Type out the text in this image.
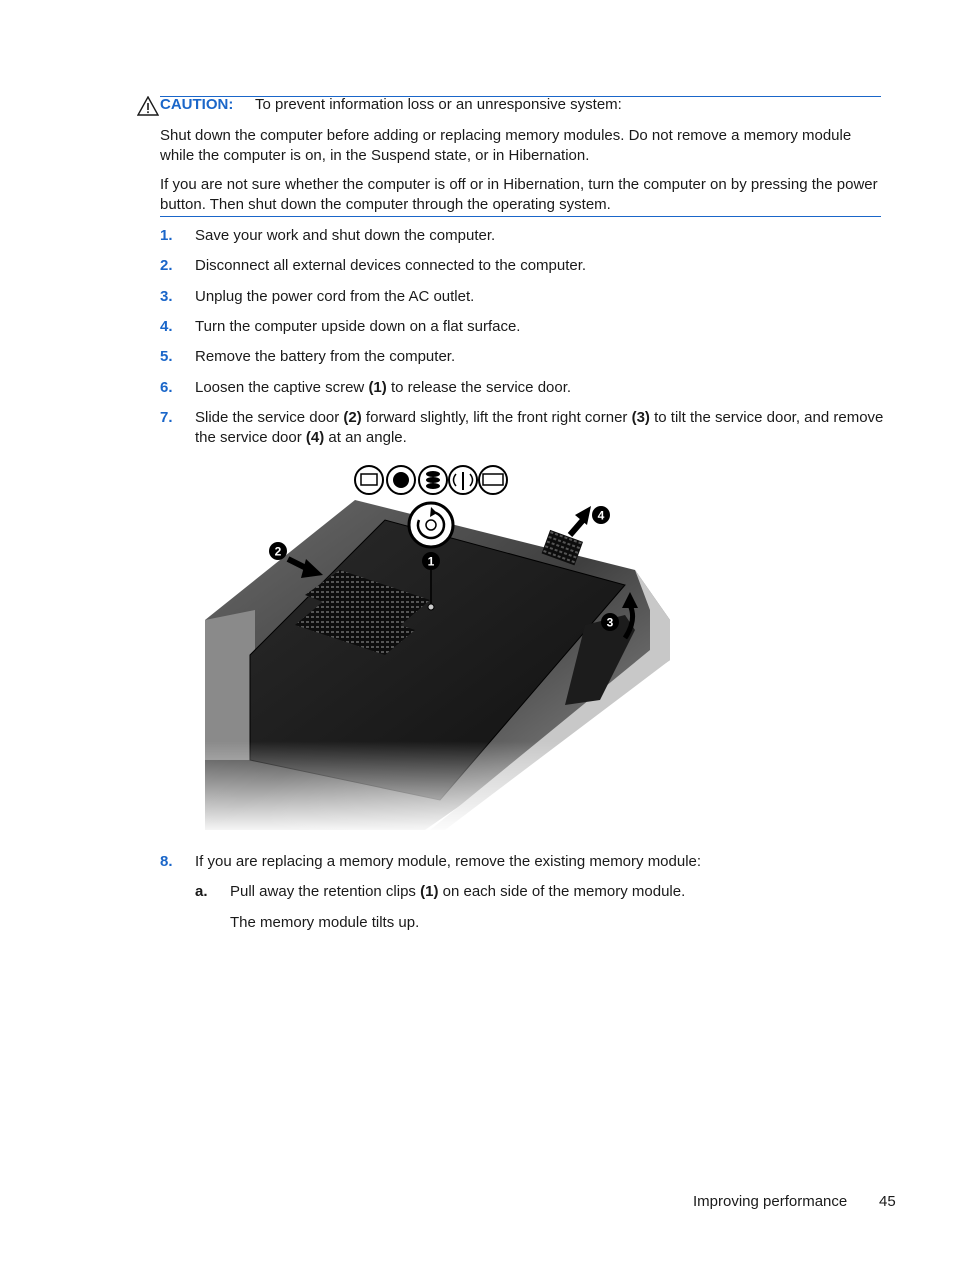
CAUTION: To prevent information loss or an unresponsive system:

Shut down the computer before adding or replacing memory modules. Do not remove a memory module while the computer is on, in the Suspend state, or in Hibernation.

If you are not sure whether the computer is off or in Hibernation, turn the computer on by pressing the power button. Then shut down the computer through the operating system.

1. Save your work and shut down the computer.
2. Disconnect all external devices connected to the computer.
3. Unplug the power cord from the AC outlet.
4. Turn the computer upside down on a flat surface.
5. Remove the battery from the computer.
6. Loosen the captive screw (1) to release the service door.
7. Slide the service door (2) forward slightly, lift the front right corner (3) to tilt the service door, and remove the service door (4) at an angle.
1
2
3
4
8. If you are replacing a memory module, remove the existing memory module:
a. Pull away the retention clips (1) on each side of the memory module.
The memory module tilts up.
Improving performance 45
